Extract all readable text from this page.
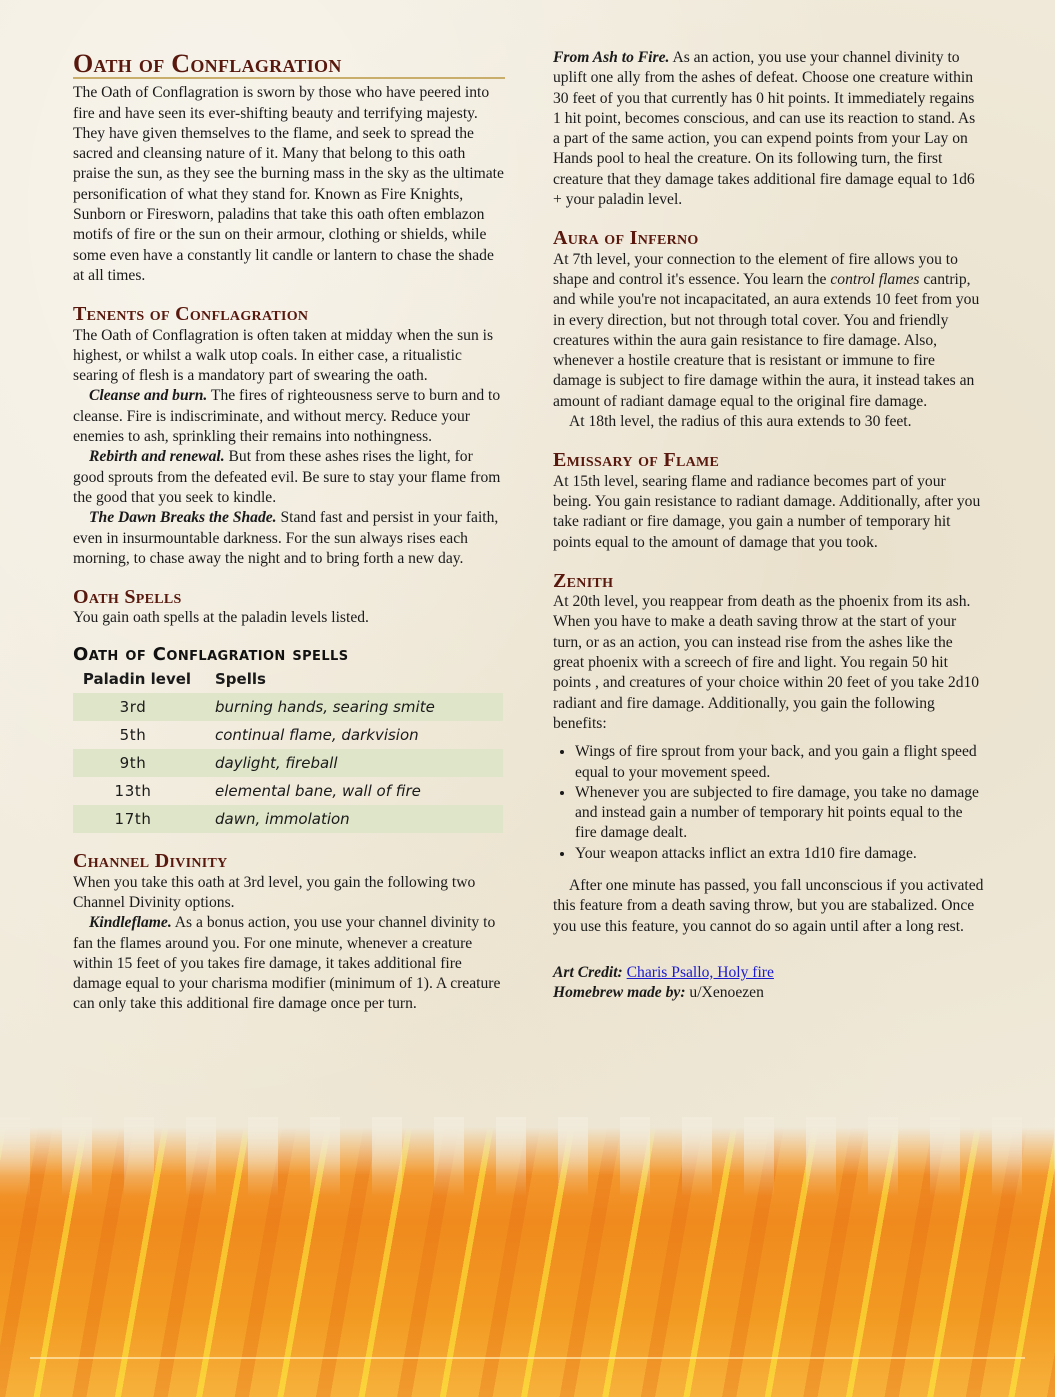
Oath of Conflagration

The Oath of Conflagration is sworn by those who have peered into fire and have seen its ever-shifting beauty and terrifying majesty. They have given themselves to the flame, and seek to spread the sacred and cleansing nature of it. Many that belong to this oath praise the sun, as they see the burning mass in the sky as the ultimate personification of what they stand for. Known as Fire Knights, Sunborn or Firesworn, paladins that take this oath often emblazon motifs of fire or the sun on their armour, clothing or shields, while some even have a constantly lit candle or lantern to chase the shade at all times.

Tenents of Conflagration

The Oath of Conflagration is often taken at midday when the sun is highest, or whilst a walk utop coals. In either case, a ritualistic searing of flesh is a mandatory part of swearing the oath.

Cleanse and burn. The fires of righteousness serve to burn and to cleanse. Fire is indiscriminate, and without mercy. Reduce your enemies to ash, sprinkling their remains into nothingness.

Rebirth and renewal. But from these ashes rises the light, for good sprouts from the defeated evil. Be sure to stay your flame from the good that you seek to kindle.

The Dawn Breaks the Shade. Stand fast and persist in your faith, even in insurmountable darkness. For the sun always rises each morning, to chase away the night and to bring forth a new day.

Oath Spells

You gain oath spells at the paladin levels listed.

Oath of Conflagration spells
Paladin level	Spells
3rd	burning hands, searing smite
5th	continual flame, darkvision
9th	daylight, fireball
13th	elemental bane, wall of fire
17th	dawn, immolation
Channel Divinity

When you take this oath at 3rd level, you gain the following two Channel Divinity options.

Kindleflame. As a bonus action, you use your channel divinity to fan the flames around you. For one minute, whenever a creature within 15 feet of you takes fire damage, it takes additional fire damage equal to your charisma modifier (minimum of 1). A creature can only take this additional fire damage once per turn.

From Ash to Fire. As an action, you use your channel divinity to uplift one ally from the ashes of defeat. Choose one creature within 30 feet of you that currently has 0 hit points. It immediately regains 1 hit point, becomes conscious, and can use its reaction to stand. As a part of the same action, you can expend points from your Lay on Hands pool to heal the creature. On its following turn, the first creature that they damage takes additional fire damage equal to 1d6 + your paladin level.

Aura of Inferno

At 7th level, your connection to the element of fire allows you to shape and control it's essence. You learn the control flames cantrip, and while you're not incapacitated, an aura extends 10 feet from you in every direction, but not through total cover. You and friendly creatures within the aura gain resistance to fire damage. Also, whenever a hostile creature that is resistant or immune to fire damage is subject to fire damage within the aura, it instead takes an amount of radiant damage equal to the original fire damage.

At 18th level, the radius of this aura extends to 30 feet.

Emissary of Flame

At 15th level, searing flame and radiance becomes part of your being. You gain resistance to radiant damage. Additionally, after you take radiant or fire damage, you gain a number of temporary hit points equal to the amount of damage that you took.

Zenith

At 20th level, you reappear from death as the phoenix from its ash. When you have to make a death saving throw at the start of your turn, or as an action, you can instead rise from the ashes like the great phoenix with a screech of fire and light. You regain 50 hit points , and creatures of your choice within 20 feet of you take 2d10 radiant and fire damage. Additionally, you gain the following benefits:

• Wings of fire sprout from your back, and you gain a flight speed equal to your movement speed.
• Whenever you are subjected to fire damage, you take no damage and instead gain a number of temporary hit points equal to the fire damage dealt.
• Your weapon attacks inflict an extra 1d10 fire damage.

After one minute has passed, you fall unconscious if you activated this feature from a death saving throw, but you are stabalized. Once you use this feature, you cannot do so again until after a long rest.

Art Credit: Charis Psallo, Holy fire

Homebrew made by: u/Xenoezen
